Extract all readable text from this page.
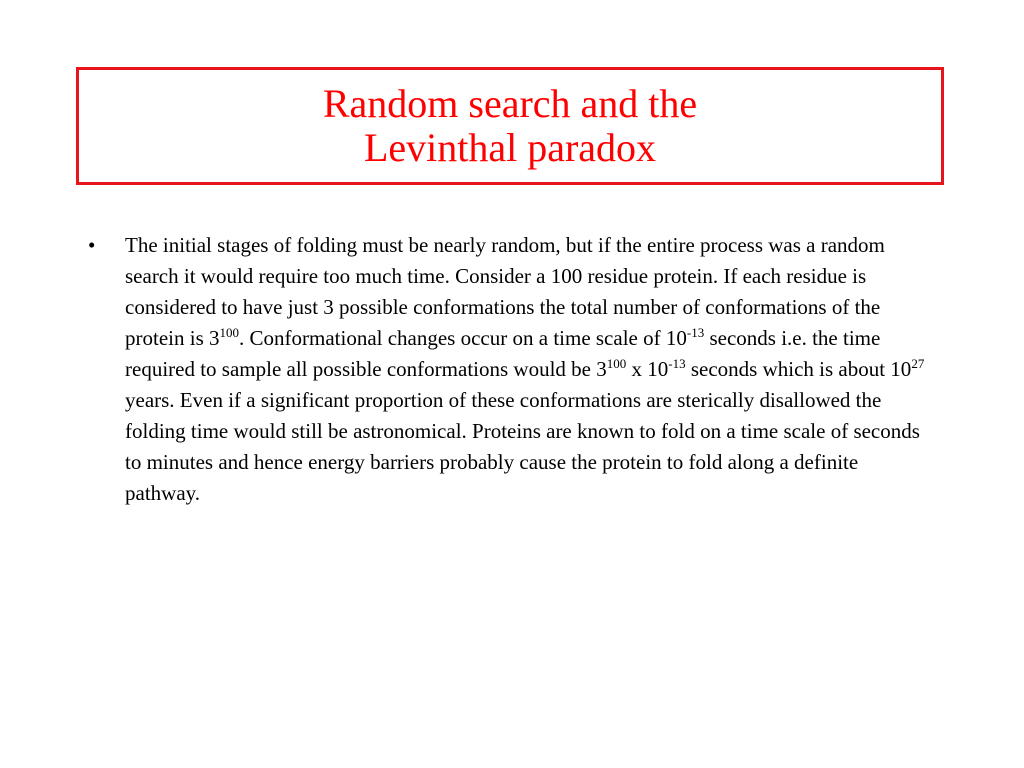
Random search and the
Levinthal paradox
•	The initial stages of folding must be nearly random, but if the entire process was a random search it would require too much time. Consider a 100 residue protein. If each residue is considered to have just 3 possible conformations the total number of conformations of the protein is $3^{100}$. Conformational changes occur on a time scale of $10^{-13}$ seconds i.e. the time required to sample all possible conformations would be $3^{100}$ x $10^{-13}$ seconds which is about $10^{27}$ years. Even if a significant proportion of these conformations are sterically disallowed the folding time would still be astronomical. Proteins are known to fold on a time scale of seconds to minutes and hence energy barriers probably cause the protein to fold along a definite pathway.
